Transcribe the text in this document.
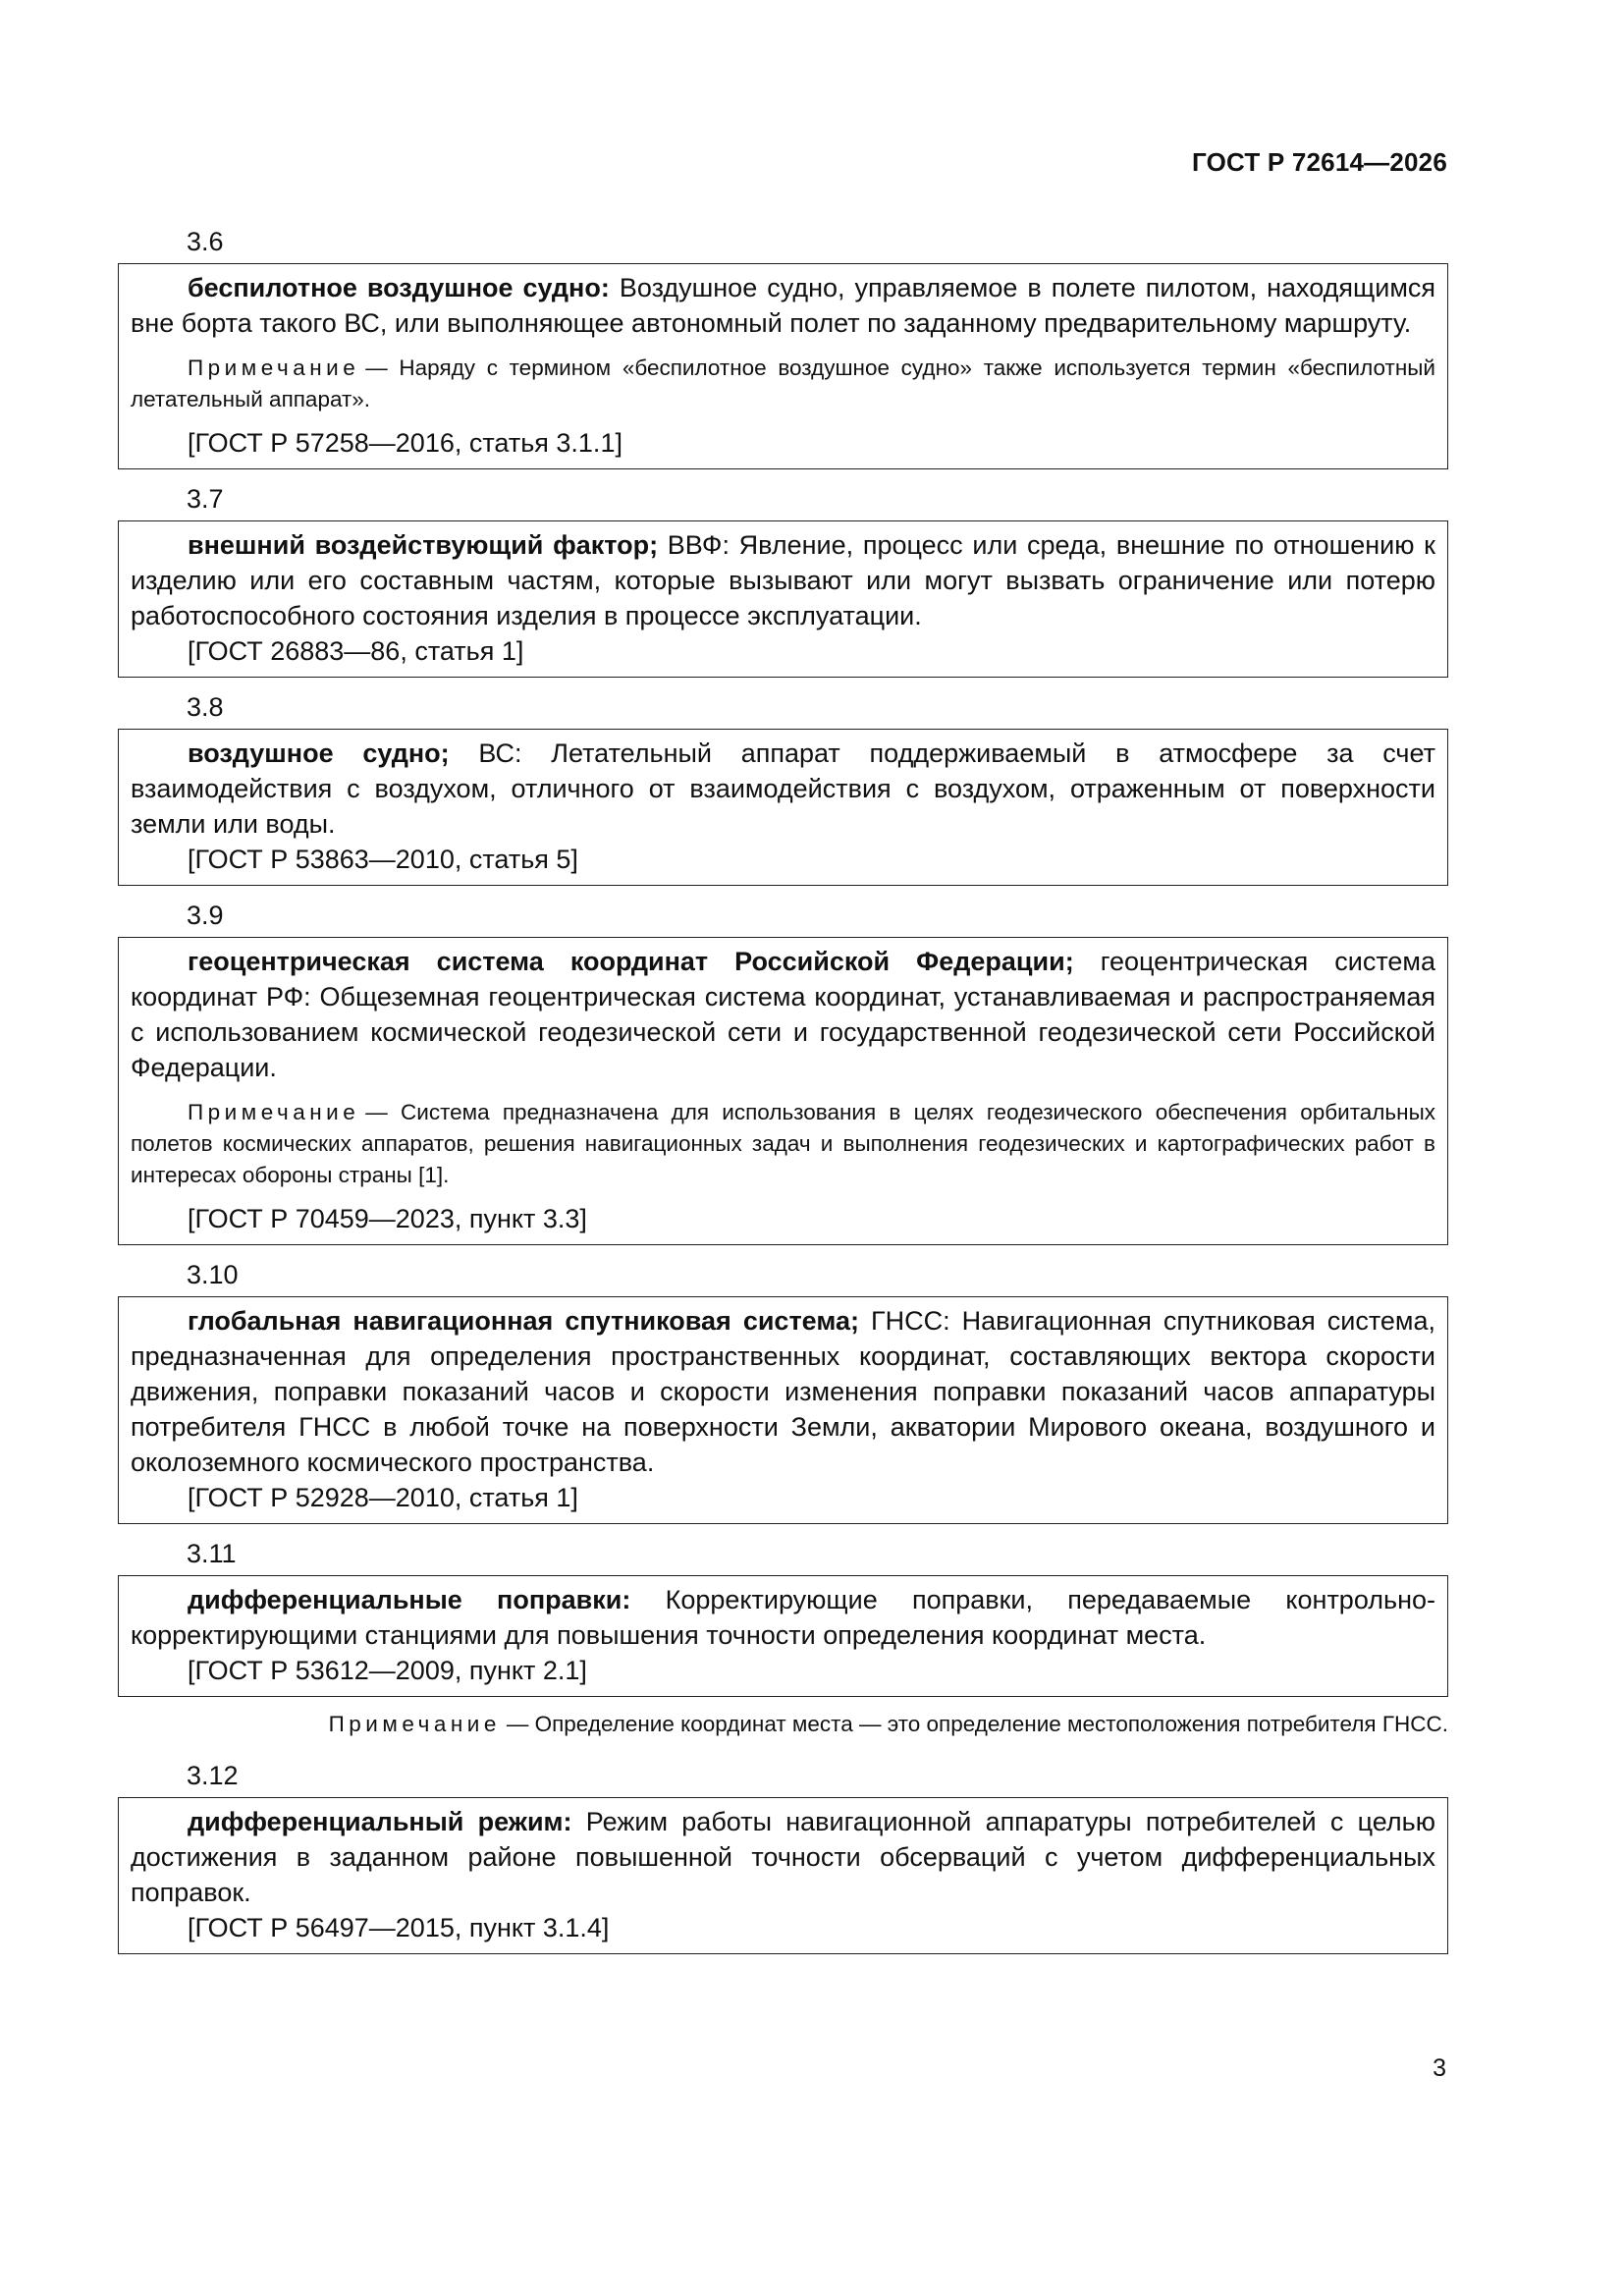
ГОСТ Р 72614—2026
3.6

беспилотное воздушное судно: Воздушное судно, управляемое в полете пилотом, находящимся вне борта такого ВС, или выполняющее автономный полет по заданному предварительному маршруту.

Примечание — Наряду с термином «беспилотное воздушное судно» также используется термин «беспилотный летательный аппарат».

[ГОСТ Р 57258—2016, статья 3.1.1]

3.7

внешний воздействующий фактор; ВВФ: Явление, процесс или среда, внешние по отношению к изделию или его составным частям, которые вызывают или могут вызвать ограничение или потерю работоспособного состояния изделия в процессе эксплуатации.

[ГОСТ 26883—86, статья 1]

3.8

воздушное судно; ВС: Летательный аппарат поддерживаемый в атмосфере за счет взаимодействия с воздухом, отличного от взаимодействия с воздухом, отраженным от поверхности земли или воды.

[ГОСТ Р 53863—2010, статья 5]

3.9

геоцентрическая система координат Российской Федерации; геоцентрическая система координат РФ: Общеземная геоцентрическая система координат, устанавливаемая и распространяемая с использованием космической геодезической сети и государственной геодезической сети Российской Федерации.

Примечание — Система предназначена для использования в целях геодезического обеспечения орбитальных полетов космических аппаратов, решения навигационных задач и выполнения геодезических и картографических работ в интересах обороны страны [1].

[ГОСТ Р 70459—2023, пункт 3.3]

3.10

глобальная навигационная спутниковая система; ГНСС: Навигационная спутниковая система, предназначенная для определения пространственных координат, составляющих вектора скорости движения, поправки показаний часов и скорости изменения поправки показаний часов аппаратуры потребителя ГНСС в любой точке на поверхности Земли, акватории Мирового океана, воздушного и околоземного космического пространства.

[ГОСТ Р 52928—2010, статья 1]

3.11

дифференциальные поправки: Корректирующие поправки, передаваемые контрольно-корректирующими станциями для повышения точности определения координат места.

[ГОСТ Р 53612—2009, пункт 2.1]

Примечание — Определение координат места — это определение местоположения потребителя ГНСС.

3.12

дифференциальный режим: Режим работы навигационной аппаратуры потребителей с целью достижения в заданном районе повышенной точности обсерваций с учетом дифференциальных поправок.

[ГОСТ Р 56497—2015, пункт 3.1.4]

3
